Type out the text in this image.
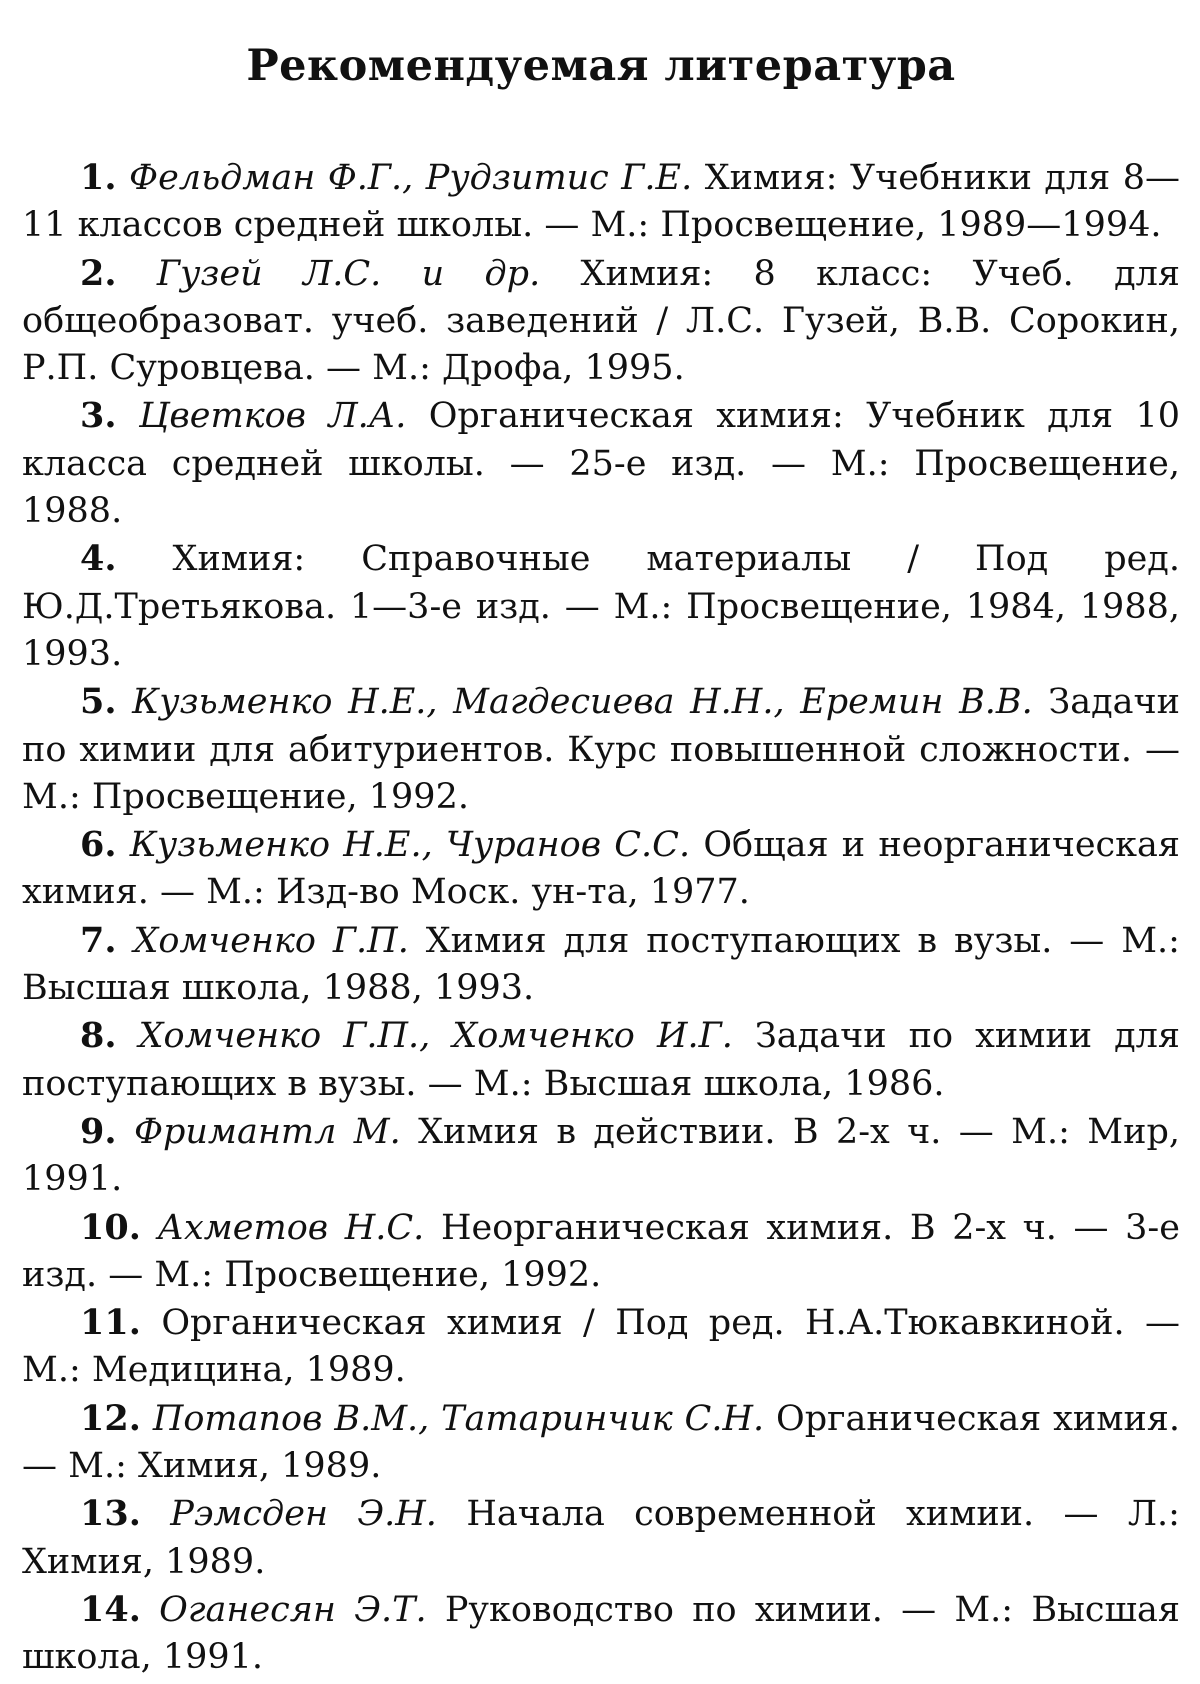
Рекомендуемая литература
1. Фельдман Ф.Г., Рудзитис Г.Е. Химия: Учебники для 8—11 классов средней школы. — М.: Просвещение, 1989—1994.
2. Гузей Л.С. и др. Химия: 8 класс: Учеб. для общеобразоват. учеб. заведений / Л.С. Гузей, В.В. Сорокин, Р.П. Суровцева. — М.: Дрофа, 1995.
3. Цветков Л.А. Органическая химия: Учебник для 10 класса средней школы. — 25-е изд. — М.: Просвещение, 1988.
4. Химия: Справочные материалы / Под ред. Ю.Д.Третьякова. 1—3-е изд. — М.: Просвещение, 1984, 1988, 1993.
5. Кузьменко Н.Е., Магдесиева Н.Н., Еремин В.В. Задачи по химии для абитуриентов. Курс повышенной сложности. — М.: Просвещение, 1992.
6. Кузьменко Н.Е., Чуранов С.С. Общая и неорганическая химия. — М.: Изд-во Моск. ун-та, 1977.
7. Хомченко Г.П. Химия для поступающих в вузы. — М.: Высшая школа, 1988, 1993.
8. Хомченко Г.П., Хомченко И.Г. Задачи по химии для поступающих в вузы. — М.: Высшая школа, 1986.
9. Фримантл М. Химия в действии. В 2-х ч. — М.: Мир, 1991.
10. Ахметов Н.С. Неорганическая химия. В 2-х ч. — 3-е изд. — М.: Просвещение, 1992.
11. Органическая химия / Под ред. Н.А.Тюкавкиной. — М.: Медицина, 1989.
12. Потапов В.М., Татаринчик С.Н. Органическая химия. — М.: Химия, 1989.
13. Рэмсден Э.Н. Начала современной химии. — Л.: Химия, 1989.
14. Оганесян Э.Т. Руководство по химии. — М.: Высшая школа, 1991.
